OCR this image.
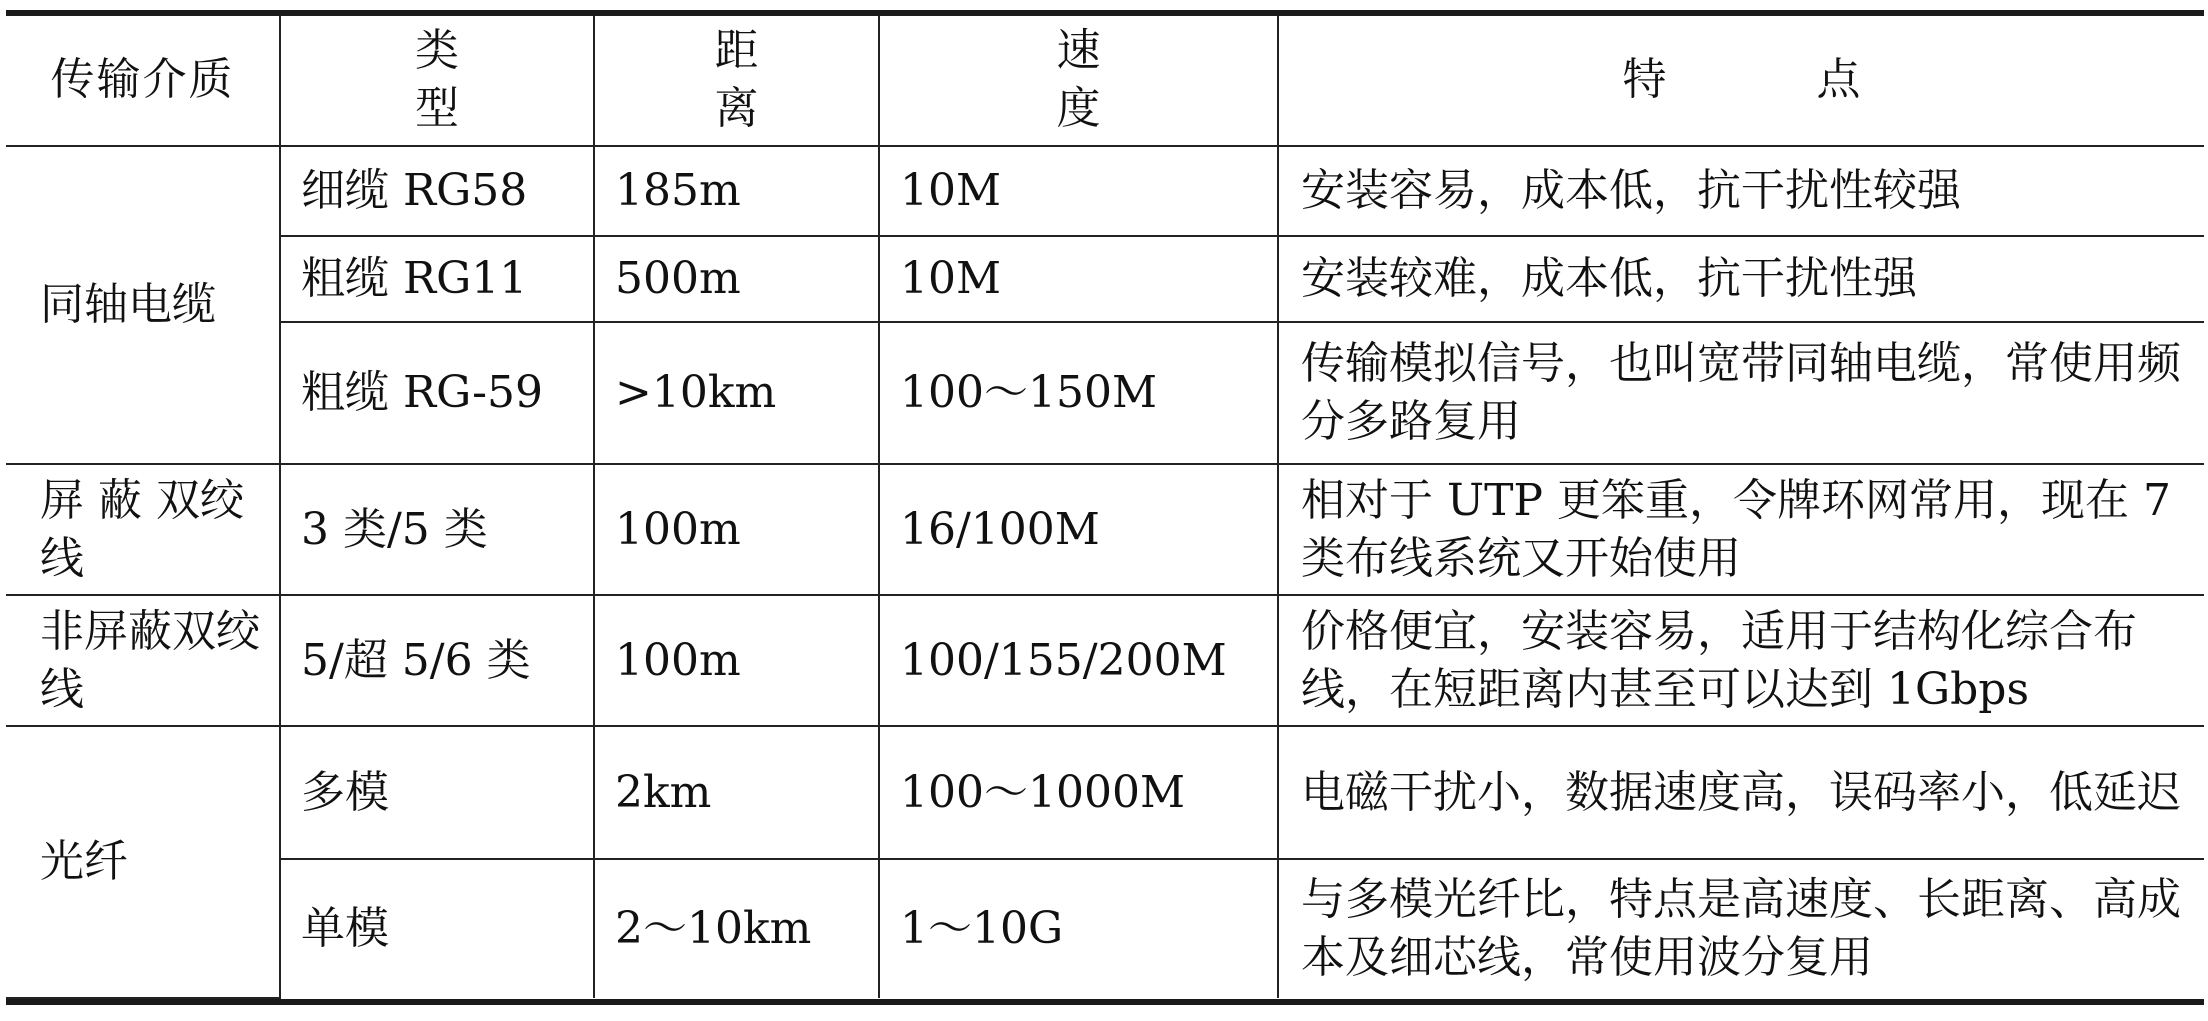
传输介质	类型	距离	速度	特点
同轴电缆	细缆 RG58	185m	10M	安装容易，成本低，抗干扰性较强
	粗缆 RG11	500m	10M	安装较难，成本低，抗干扰性强
	粗缆 RG-59	>10km	100～150M	传输模拟信号，也叫宽带同轴电缆，常使用频分多路复用
屏 蔽 双绞线	3 类/5 类	100m	16/100M	相对于 UTP 更笨重，令牌环网常用，现在 7 类布线系统又开始使用
非屏蔽双绞线	5/超 5/6 类	100m	100/155/200M	价格便宜，安装容易，适用于结构化综合布线，在短距离内甚至可以达到 1Gbps
光纤	多模	2km	100～1000M	电磁干扰小，数据速度高，误码率小，低延迟
	单模	2～10km	1～10G	与多模光纤比，特点是高速度、长距离、高成本及细芯线，常使用波分复用
